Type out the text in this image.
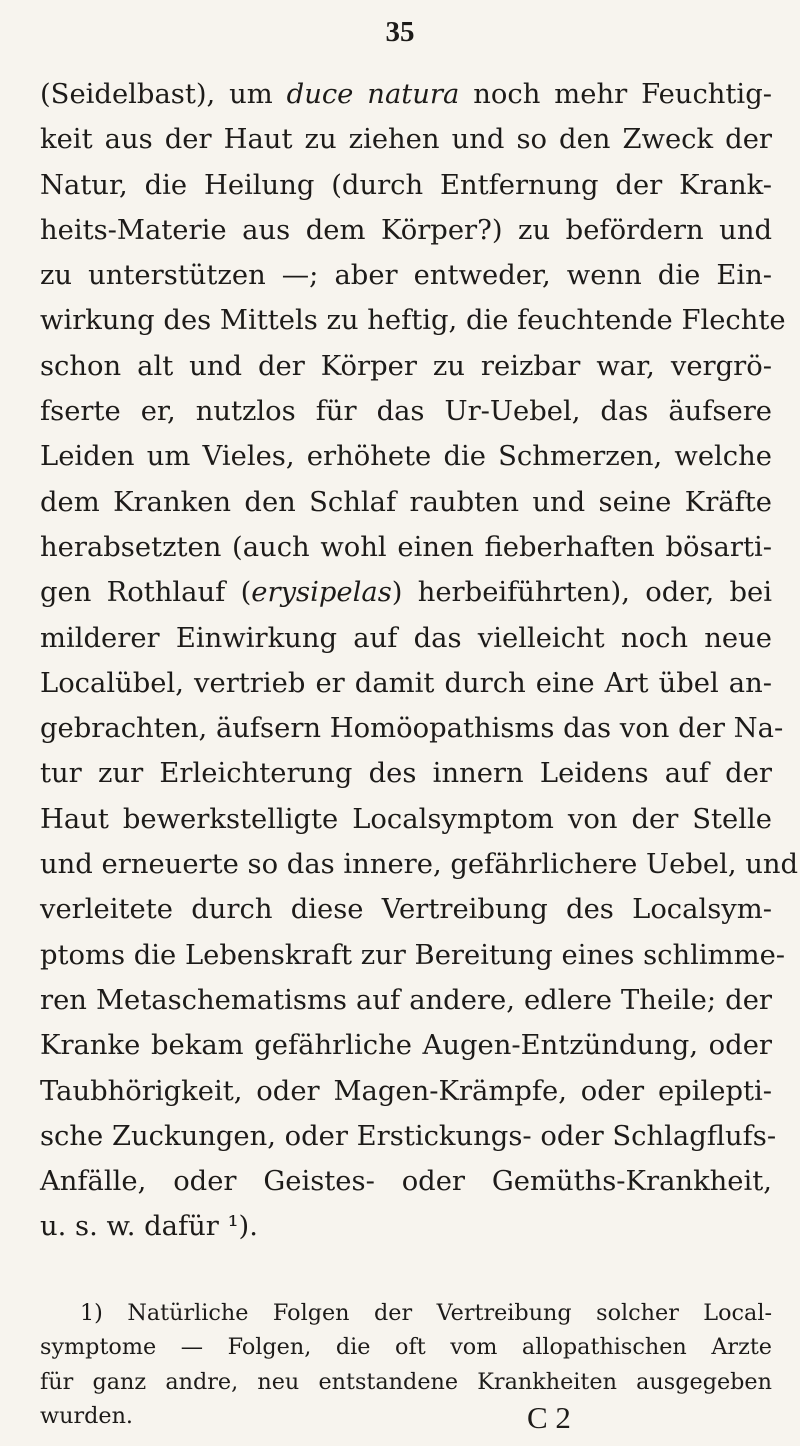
35
(Seidelbast), um duce natura noch mehr Feuchtig-
keit aus der Haut zu ziehen und so den Zweck der
Natur, die Heilung (durch Entfernung der Krank-
heits-Materie aus dem Körper?) zu befördern und
zu unterstützen —; aber entweder, wenn die Ein-
wirkung des Mittels zu heftig, die feuchtende Flechte
schon alt und der Körper zu reizbar war, vergrö-
fserte er, nutzlos für das Ur-Uebel, das äufsere
Leiden um Vieles, erhöhete die Schmerzen, welche
dem Kranken den Schlaf raubten und seine Kräfte
herabsetzten (auch wohl einen fieberhaften bösarti-
gen Rothlauf (erysipelas) herbeiführten), oder, bei
milderer Einwirkung auf das vielleicht noch neue
Localübel, vertrieb er damit durch eine Art übel an-
gebrachten, äufsern Homöopathisms das von der Na-
tur zur Erleichterung des innern Leidens auf der
Haut bewerkstelligte Localsymptom von der Stelle
und erneuerte so das innere, gefährlichere Uebel, und
verleitete durch diese Vertreibung des Localsym-
ptoms die Lebenskraft zur Bereitung eines schlimme-
ren Metaschematisms auf andere, edlere Theile; der
Kranke bekam gefährliche Augen-Entzündung, oder
Taubhörigkeit, oder Magen-Krämpfe, oder epilepti-
sche Zuckungen, oder Erstickungs- oder Schlagflufs-
Anfälle, oder Geistes- oder Gemüths-Krankheit,
u. s. w. dafür ¹).
1) Natürliche Folgen der Vertreibung solcher Local-
symptome — Folgen, die oft vom allopathischen Arzte
für ganz andre, neu entstandene Krankheiten ausgegeben
wurden.	C 2
